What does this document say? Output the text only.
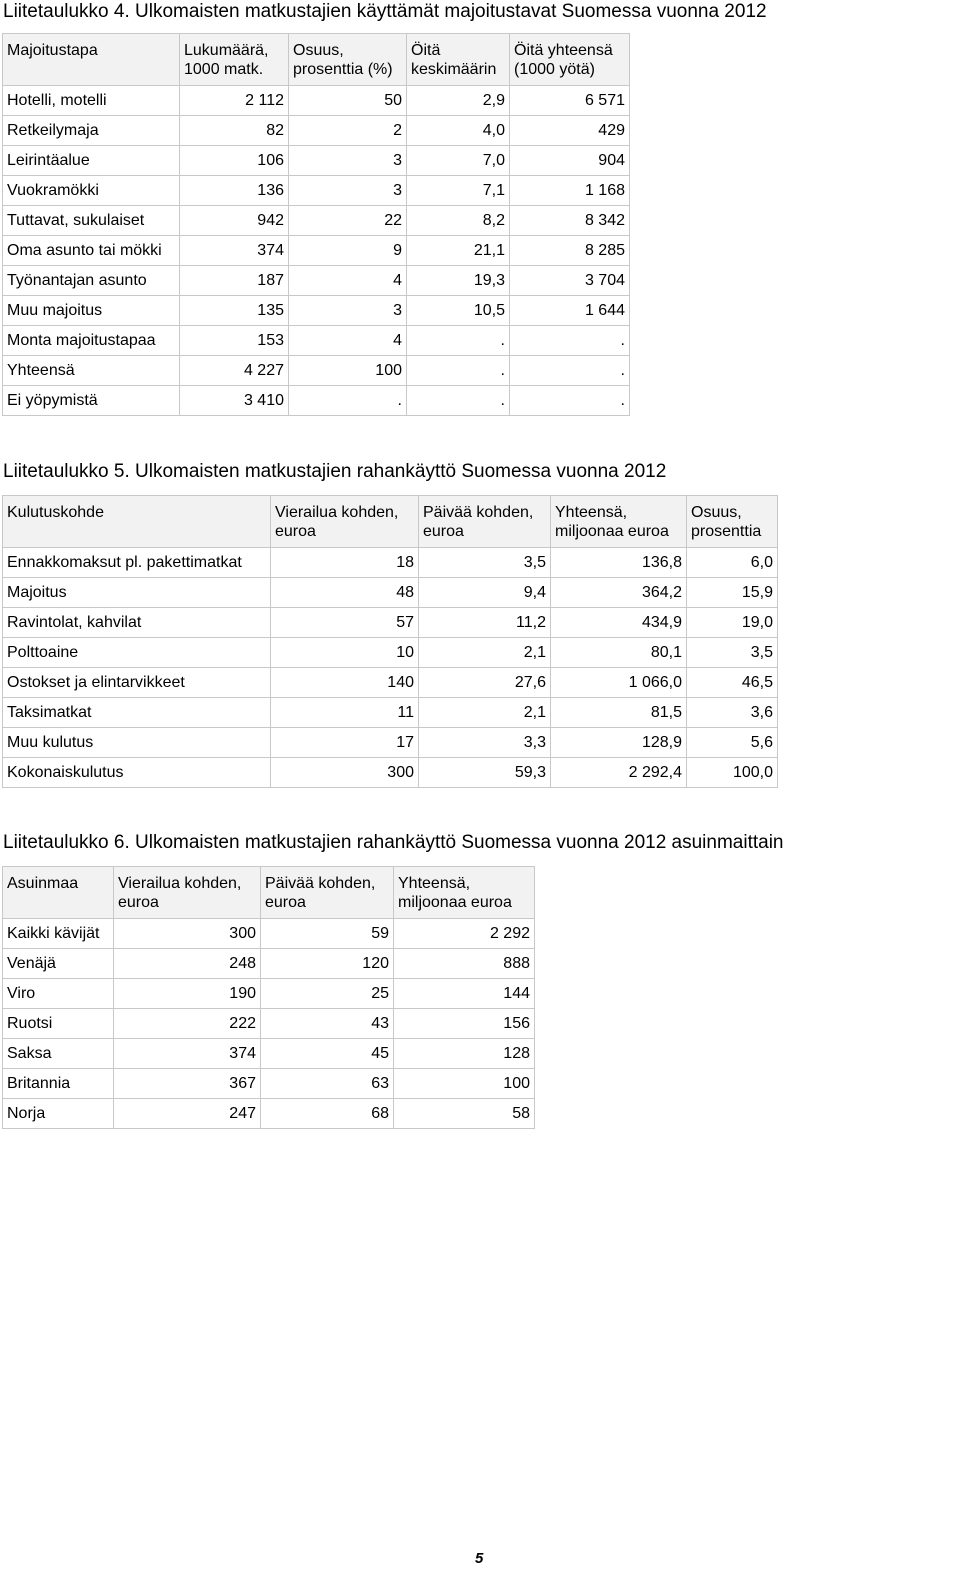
Liitetaulukko 4. Ulkomaisten matkustajien käyttämät majoitustavat Suomessa vuonna 2012
Majoitustapa	Lukumäärä, 1000 matk.	Osuus, prosenttia (%)	Öitä keskimäärin	Öitä yhteensä (1000 yötä)
Hotelli, motelli	2 112	50	2,9	6 571
Retkeilymaja	82	2	4,0	429
Leirintäalue	106	3	7,0	904
Vuokramökki	136	3	7,1	1 168
Tuttavat, sukulaiset	942	22	8,2	8 342
Oma asunto tai mökki	374	9	21,1	8 285
Työnantajan asunto	187	4	19,3	3 704
Muu majoitus	135	3	10,5	1 644
Monta majoitustapaa	153	4	.	.
Yhteensä	4 227	100	.	.
Ei yöpymistä	3 410	.	.	.
Liitetaulukko 5. Ulkomaisten matkustajien rahankäyttö Suomessa vuonna 2012
Kulutuskohde	Vierailua kohden, euroa	Päivää kohden, euroa	Yhteensä, miljoonaa euroa	Osuus, prosenttia
Ennakkomaksut pl. pakettimatkat	18	3,5	136,8	6,0
Majoitus	48	9,4	364,2	15,9
Ravintolat, kahvilat	57	11,2	434,9	19,0
Polttoaine	10	2,1	80,1	3,5
Ostokset ja elintarvikkeet	140	27,6	1 066,0	46,5
Taksimatkat	11	2,1	81,5	3,6
Muu kulutus	17	3,3	128,9	5,6
Kokonaiskulutus	300	59,3	2 292,4	100,0
Liitetaulukko 6. Ulkomaisten matkustajien rahankäyttö Suomessa vuonna 2012 asuinmaittain
Asuinmaa	Vierailua kohden, euroa	Päivää kohden, euroa	Yhteensä, miljoonaa euroa
Kaikki kävijät	300	59	2 292
Venäjä	248	120	888
Viro	190	25	144
Ruotsi	222	43	156
Saksa	374	45	128
Britannia	367	63	100
Norja	247	68	58
5
